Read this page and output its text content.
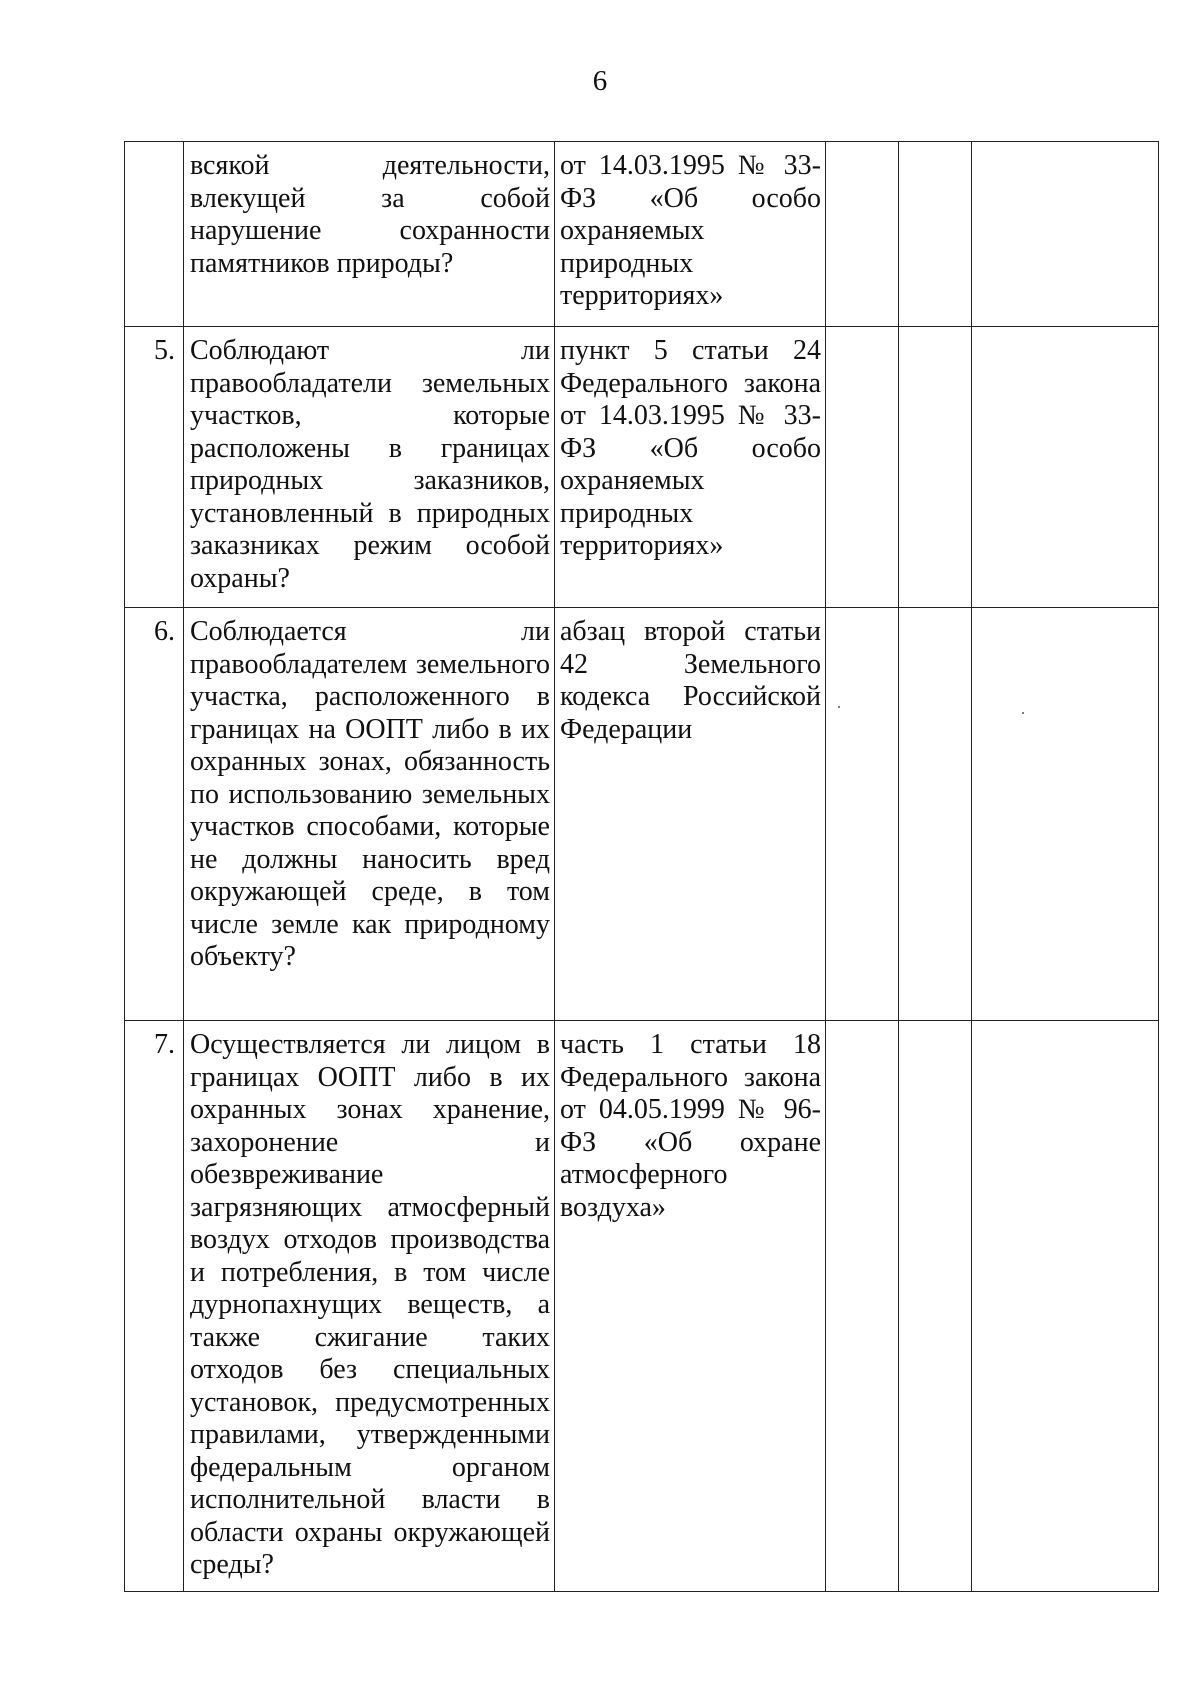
6

	всякой деятельности, влекущей за собой нарушение сохранности памятников природы?	от 14.03.1995 № 33-ФЗ «Об особо охраняемых природных территориях»			

5.	Соблюдают ли правообладатели земельных участков, которые расположены в границах природных заказников, установленный в природных заказниках режим особой охраны?	пункт 5 статьи 24 Федерального закона от 14.03.1995 № 33-ФЗ «Об особо охраняемых природных территориях»			

6.	Соблюдается ли правообладателем земельного участка, расположенного в границах на ООПТ либо в их охранных зонах, обязанность по использованию земельных участков способами, которые не должны наносить вред окружающей среде, в том числе земле как природному объекту?	абзац второй статьи 42 Земельного кодекса Российской Федерации			

7.	Осуществляется ли лицом в границах ООПТ либо в их охранных зонах хранение, захоронение и обезвреживание загрязняющих атмосферный воздух отходов производства и потребления, в том числе дурнопахнущих веществ, а также сжигание таких отходов без специальных установок, предусмотренных правилами, утвержденными федеральным органом исполнительной власти в области охраны окружающей среды?	часть 1 статьи 18 Федерального закона от 04.05.1999 № 96-ФЗ «Об охране атмосферного воздуха»			
